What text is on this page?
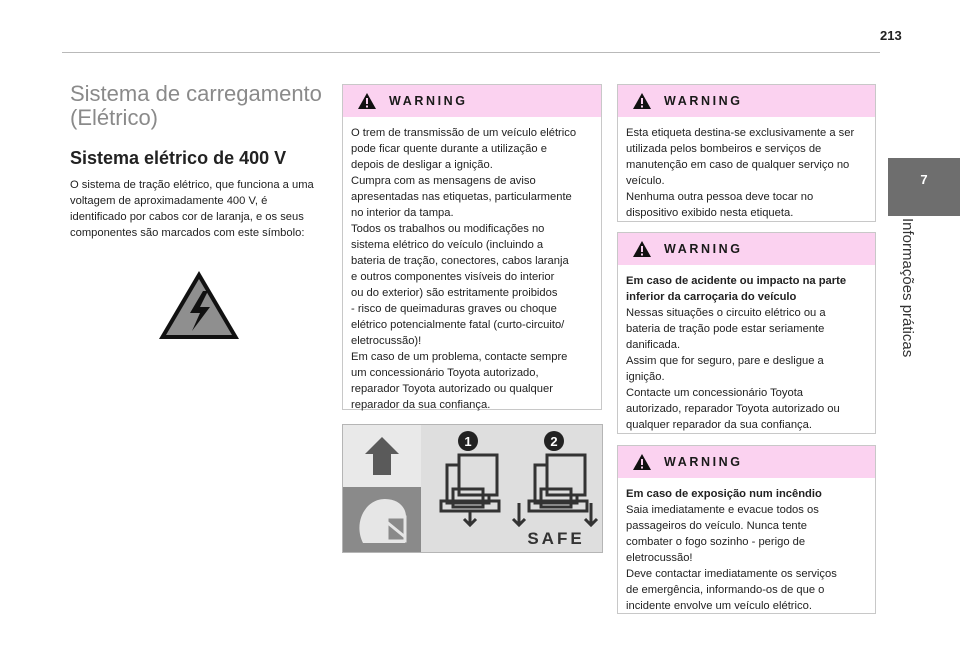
213
7
Informações práticas
Sistema de carregamento
(Elétrico)
Sistema elétrico de 400 V

O sistema de tração elétrico, que funciona a uma voltagem de aproximadamente 400 V, é identificado por cabos cor de laranja, e os seus componentes são marcados com este símbolo:

WARNING

O trem de transmissão de um veículo elétrico
pode ficar quente durante a utilização e
depois de desligar a ignição.
Cumpra com as mensagens de aviso
apresentadas nas etiquetas, particularmente
no interior da tampa.
Todos os trabalhos ou modificações no
sistema elétrico do veículo (incluindo a
bateria de tração, conectores, cabos laranja
e outros componentes visíveis do interior
ou do exterior) são estritamente proibidos
- risco de queimaduras graves ou choque
elétrico potencialmente fatal (curto-circuito/
eletrocussão)!
Em caso de um problema, contacte sempre
um concessionário Toyota autorizado,
reparador Toyota autorizado ou qualquer
reparador da sua confiança.

1	2
SAFE
WARNING

Esta etiqueta destina-se exclusivamente a ser
utilizada pelos bombeiros e serviços de
manutenção em caso de qualquer serviço no
veículo.
Nenhuma outra pessoa deve tocar no
dispositivo exibido nesta etiqueta.

WARNING
Em caso de acidente ou impacto na parte
inferior da carroçaria do veículo

Nessas situações o circuito elétrico ou a
bateria de tração pode estar seriamente
danificada.
Assim que for seguro, pare e desligue a
ignição.
Contacte um concessionário Toyota
autorizado, reparador Toyota autorizado ou
qualquer reparador da sua confiança.

WARNING
Em caso de exposição num incêndio

Saia imediatamente e evacue todos os
passageiros do veículo. Nunca tente
combater o fogo sozinho - perigo de
eletrocussão!
Deve contactar imediatamente os serviços
de emergência, informando-os de que o
incidente envolve um veículo elétrico.
